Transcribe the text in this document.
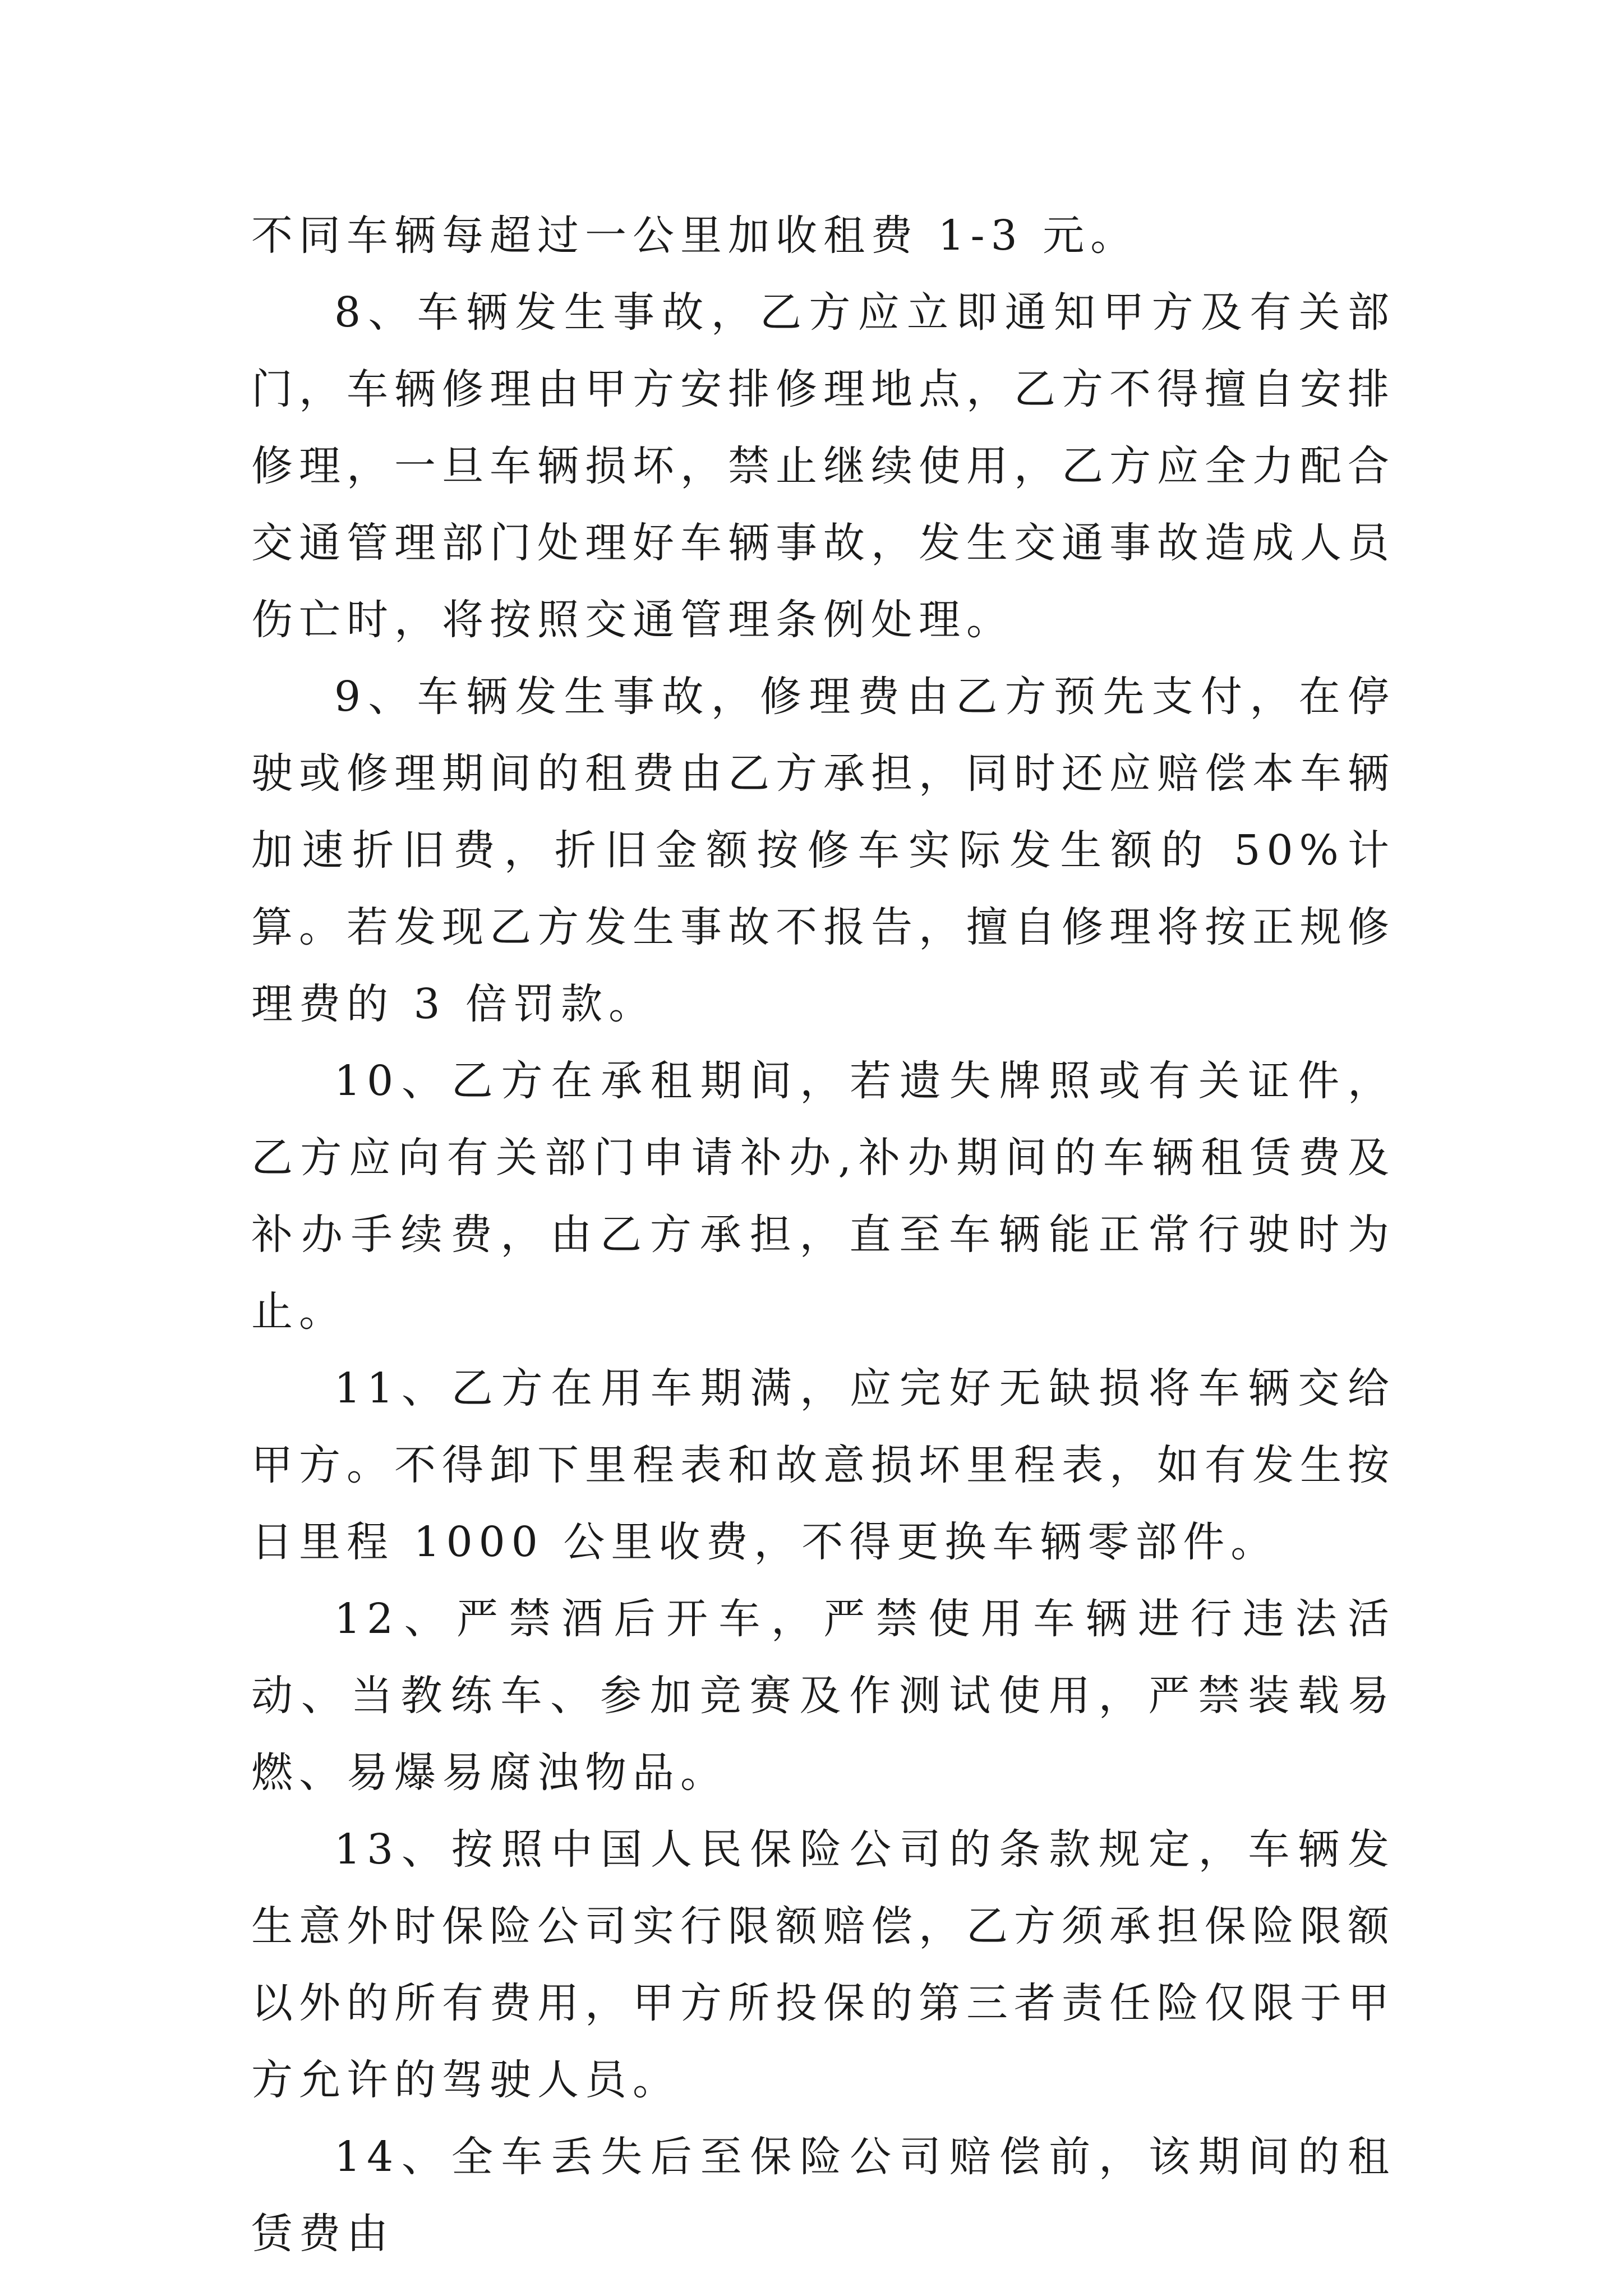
不同车辆每超过一公里加收租费 1-3 元。

8、车辆发生事故，乙方应立即通知甲方及有关部门，车辆修理由甲方安排修理地点，乙方不得擅自安排修理，一旦车辆损坏，禁止继续使用，乙方应全力配合交通管理部门处理好车辆事故，发生交通事故造成人员伤亡时，将按照交通管理条例处理。

9、车辆发生事故，修理费由乙方预先支付，在停驶或修理期间的租费由乙方承担，同时还应赔偿本车辆加速折旧费，折旧金额按修车实际发生额的 50%计算。若发现乙方发生事故不报告，擅自修理将按正规修理费的 3 倍罚款。

10、乙方在承租期间，若遗失牌照或有关证件，乙方应向有关部门申请补办,补办期间的车辆租赁费及补办手续费，由乙方承担，直至车辆能正常行驶时为止。

11、乙方在用车期满，应完好无缺损将车辆交给甲方。不得卸下里程表和故意损坏里程表，如有发生按日里程 1000 公里收费，不得更换车辆零部件。

12、严禁酒后开车，严禁使用车辆进行违法活动、当教练车、参加竞赛及作测试使用，严禁装载易燃、易爆易腐浊物品。

13、按照中国人民保险公司的条款规定，车辆发生意外时保险公司实行限额赔偿，乙方须承担保险限额以外的所有费用，甲方所投保的第三者责任险仅限于甲方允许的驾驶人员。

14、全车丢失后至保险公司赔偿前，该期间的租赁费由
